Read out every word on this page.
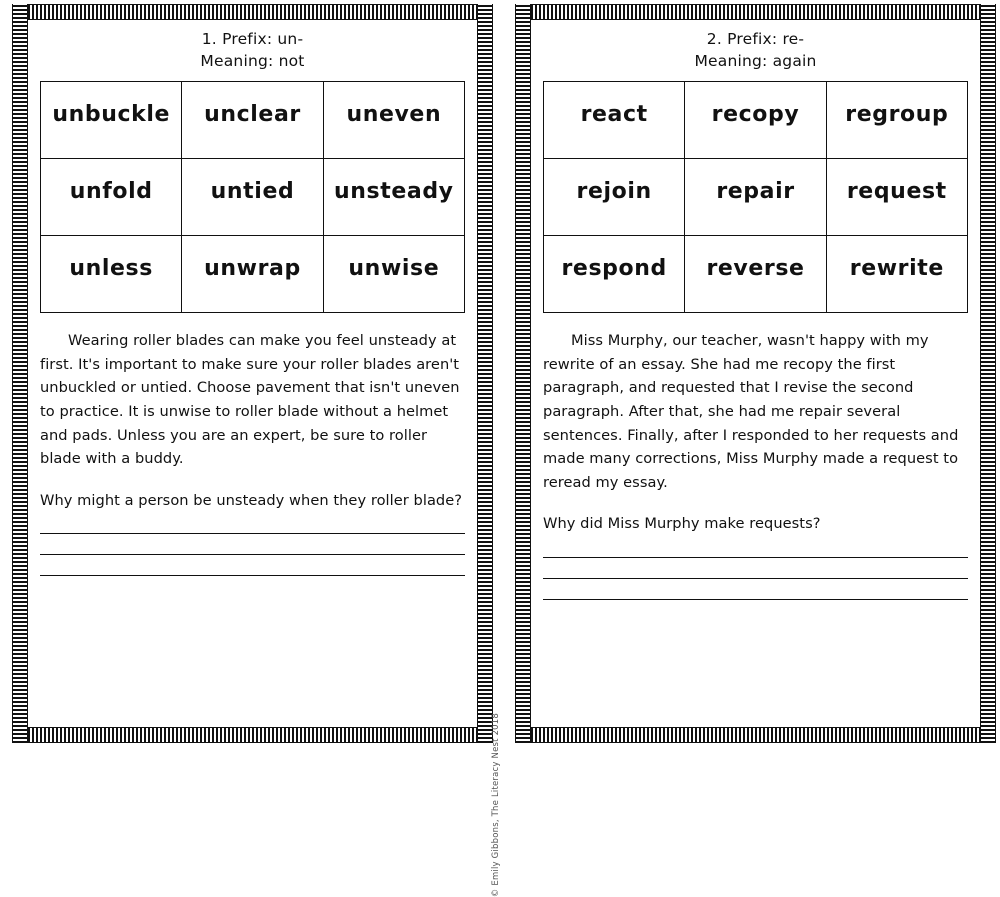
1. Prefix: un-
Meaning: not
unbuckle	unclear	uneven
unfold	untied	unsteady
unless	unwrap	unwise

Wearing roller blades can make you feel unsteady at first. It's important to make sure your roller blades aren't unbuckled or untied. Choose pavement that isn't uneven to practice. It is unwise to roller blade without a helmet and pads. Unless you are an expert, be sure to roller blade with a buddy.

Why might a person be unsteady when they roller blade?

© Emily Gibbons, The Literacy Nest 2018
2. Prefix: re-
Meaning: again
react	recopy	regroup
rejoin	repair	request
respond	reverse	rewrite

Miss Murphy, our teacher, wasn't happy with my rewrite of an essay. She had me recopy the first paragraph, and requested that I revise the second paragraph. After that, she had me repair several sentences. Finally, after I responded to her requests and made many corrections, Miss Murphy made a request to reread my essay.

Why did Miss Murphy make requests?
